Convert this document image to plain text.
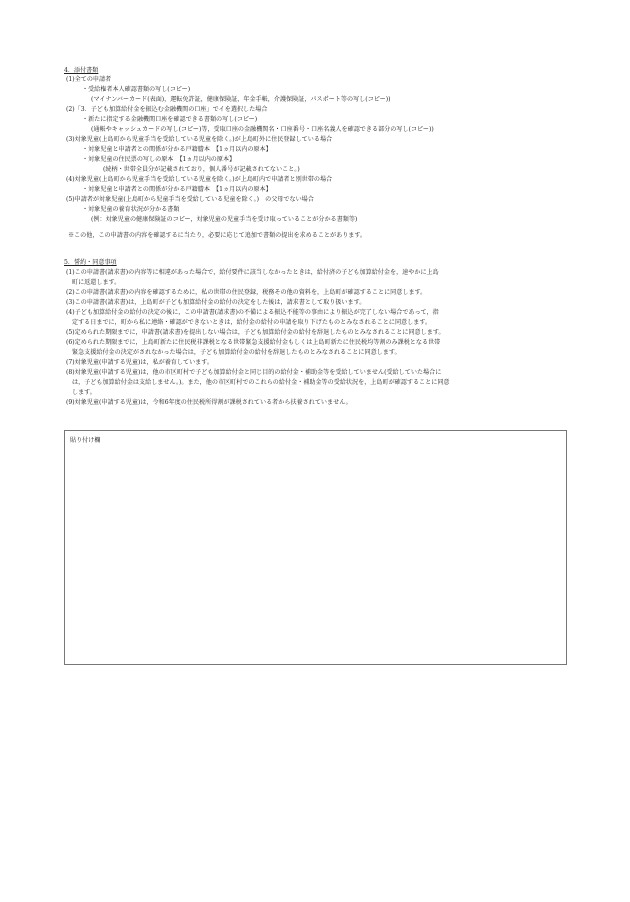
4．添付書類
(1)全ての申請者
・受給権者本人確認書類の写し(コピー)
(マイナンバーカード(表面)，運転免許証，健康保険証，年金手帳，介護保険証，パスポート等の写し(コピー))
(2)「3．子ども加算給付金を振込む金融機関の口座」でイを選択した場合
・新たに指定する金融機関口座を確認できる書類の写し(コピー)
(通帳やキャッシュカードの写し(コピー)等，受取口座の金融機関名・口座番号・口座名義人を確認できる部分の写し(コピー))
(3)対象児童(上島町から児童手当を受給している児童を除く。)が上島町外に住民登録している場合
・対象児童と申請者との関係が分かる戸籍謄本　【1ヵ月以内の原本】
・対象児童の住民票の写しの原本　【1ヵ月以内の原本】
(続柄・世帯全員分が記載されており，個人番号が記載されてないこと。)
(4)対象児童(上島町から児童手当を受給している児童を除く。)が上島町内で申請者と別世帯の場合
・対象児童と申請者との関係が分かる戸籍謄本　【1ヵ月以内の原本】
(5)申請者が対象児童(上島町から児童手当を受給している児童を除く。)　の父母でない場合
・対象児童の養育状況が分かる書類
(例：対象児童の健康保険証のコピー，対象児童の児童手当を受け取っていることが分かる書類等)
※この他，この申請書の内容を確認するに当たり，必要に応じて追加で書類の提出を求めることがあります。
5．誓約・同意事項
(1)この申請書(請求書)の内容等に相違があった場合で，給付要件に該当しなかったときは，給付済の子ども加算給付金を，速やかに上島
町に返還します。
(2)この申請書(請求書)の内容を確認するために，私の世帯の住民登録，税務その他の資料を，上島町が確認することに同意します。
(3)この申請書(請求書)は，上島町が子ども加算給付金の給付の決定をした後は，請求書として取り扱います。
(4)子ども加算給付金の給付の決定の後に，この申請書(請求書)の不備による振込不能等の事由により振込が完了しない場合であって，指
定する日までに，町から私に連絡・確認ができないときは，給付金の給付の申請を取り下げたものとみなされることに同意します。
(5)定められた期限までに，申請書(請求書)を提出しない場合は，子ども加算給付金の給付を辞退したものとみなされることに同意します。
(6)定められた期限までに，上島町新たに住民税非課税となる世帯緊急支援給付金もしくは上島町新たに住民税均等割のみ課税となる世帯
緊急支援給付金の決定がされなかった場合は，子ども加算給付金の給付を辞退したものとみなされることに同意します。
(7)対象児童(申請する児童)は，私が養育しています。
(8)対象児童(申請する児童)は，他の市区町村で子ども加算給付金と同じ目的の給付金・補助金等を受給していません(受給していた場合に
は，子ども加算給付金は支給しません。)。また，他の市区町村でのこれらの給付金・補助金等の受給状況を，上島町が確認することに同意
します。
(9)対象児童(申請する児童)は，令和6年度の住民税所得割が課税されている者から扶養されていません。
貼り付け欄
